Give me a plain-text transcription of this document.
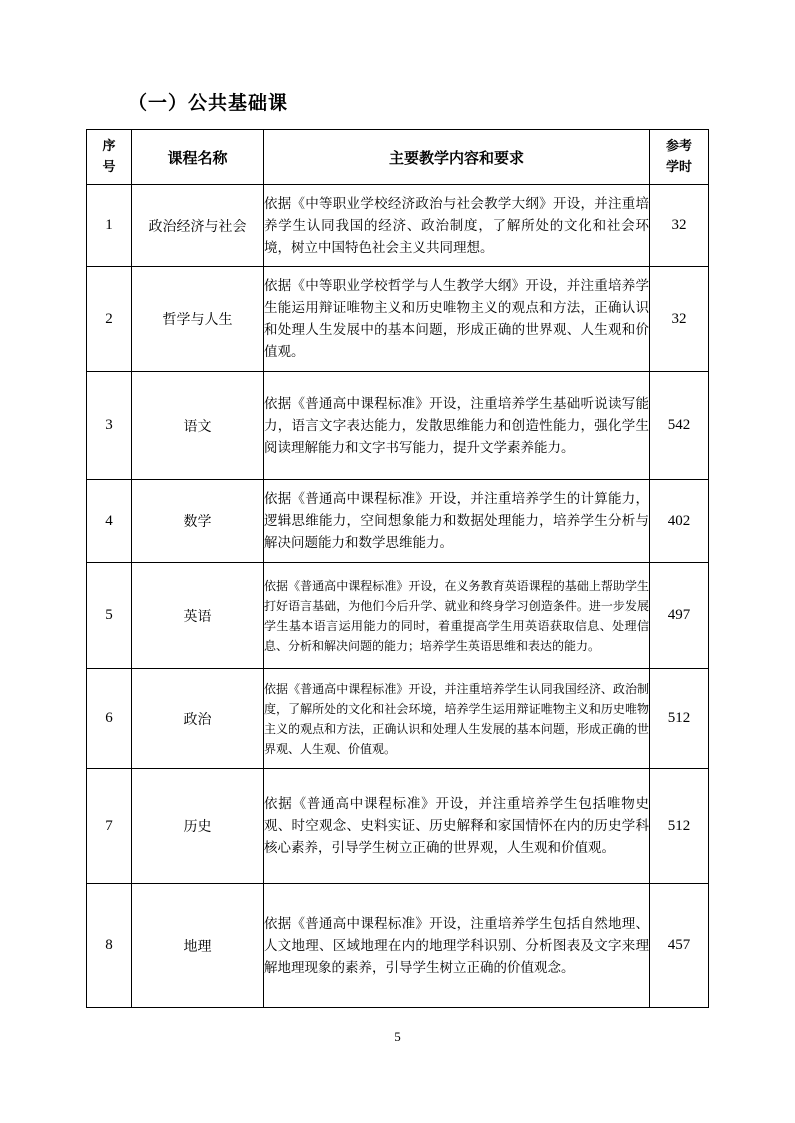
（一）公共基础课
序号	课程名称	主要教学内容和要求	参考学时
1	政治经济与社会	依据《中等职业学校经济政治与社会教学大纲》开设，并注重培养学生认同我国的经济、政治制度，了解所处的文化和社会环境，树立中国特色社会主义共同理想。	32
2	哲学与人生	依据《中等职业学校哲学与人生教学大纲》开设，并注重培养学生能运用辩证唯物主义和历史唯物主义的观点和方法，正确认识和处理人生发展中的基本问题，形成正确的世界观、人生观和价值观。	32
3	语文	依据《普通高中课程标准》开设，注重培养学生基础听说读写能力，语言文字表达能力，发散思维能力和创造性能力，强化学生阅读理解能力和文字书写能力，提升文学素养能力。	542
4	数学	依据《普通高中课程标准》开设，并注重培养学生的计算能力，逻辑思维能力，空间想象能力和数据处理能力，培养学生分析与解决问题能力和数学思维能力。	402
5	英语	依据《普通高中课程标准》开设，在义务教育英语课程的基础上帮助学生打好语言基础，为他们今后升学、就业和终身学习创造条件。进一步发展学生基本语言运用能力的同时，着重提高学生用英语获取信息、处理信息、分析和解决问题的能力；培养学生英语思维和表达的能力。	497
6	政治	依据《普通高中课程标准》开设，并注重培养学生认同我国经济、政治制度，了解所处的文化和社会环境，培养学生运用辩证唯物主义和历史唯物主义的观点和方法，正确认识和处理人生发展的基本问题，形成正确的世界观、人生观、价值观。	512
7	历史	依据《普通高中课程标准》开设，并注重培养学生包括唯物史观、时空观念、史料实证、历史解释和家国情怀在内的历史学科核心素养，引导学生树立正确的世界观，人生观和价值观。	512
8	地理	依据《普通高中课程标准》开设，注重培养学生包括自然地理、人文地理、区域地理在内的地理学科识别、分析图表及文字来理解地理现象的素养，引导学生树立正确的价值观念。	457
5
